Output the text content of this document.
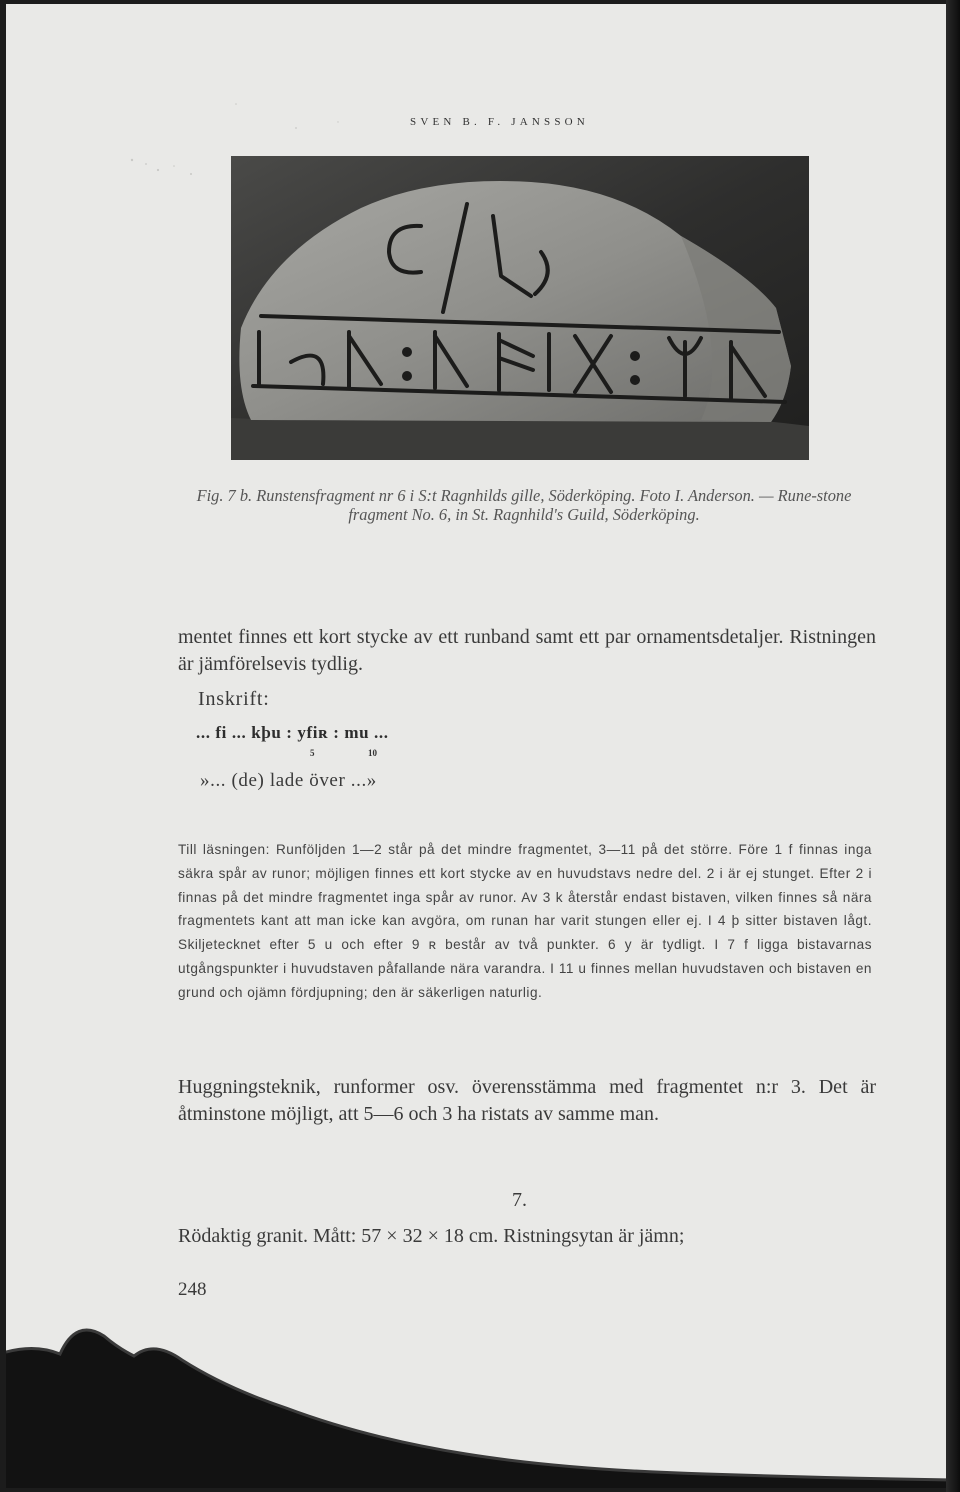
SVEN B. F. JANSSON
Fig. 7 b. Runstensfragment nr 6 i S:t Ragnhilds gille, Söderköping. Foto I. Anderson. — Rune-stone fragment No. 6, in St. Ragnhild's Guild, Söderköping.
mentet finnes ett kort stycke av ett runband samt ett par ornamentsdetaljer. Ristningen är jämförelsevis tydlig.
Inskrift:
... fi ... kþu : yfiʀ : mu ...
5	10
»... (de) lade över ...»
Till läsningen: Runföljden 1—2 står på det mindre fragmentet, 3—11 på det större. Före 1 f finnas inga säkra spår av runor; möjligen finnes ett kort stycke av en huvudstavs nedre del. 2 i är ej stunget. Efter 2 i finnas på det mindre fragmentet inga spår av runor. Av 3 k återstår endast bistaven, vilken finnes så nära fragmentets kant att man icke kan avgöra, om runan har varit stungen eller ej. I 4 þ sitter bistaven lågt. Skiljetecknet efter 5 u och efter 9 ʀ består av två punkter. 6 y är tydligt. I 7 f ligga bistavarnas utgångspunkter i huvudstaven påfallande nära varandra. I 11 u finnes mellan huvudstaven och bistaven en grund och ojämn fördjupning; den är säkerligen naturlig.
Huggningsteknik, runformer osv. överensstämma med fragmentet n:r 3. Det är åtminstone möjligt, att 5—6 och 3 ha ristats av samme man.
7.
Rödaktig granit. Mått: 57 × 32 × 18 cm. Ristningsytan är jämn;
248
